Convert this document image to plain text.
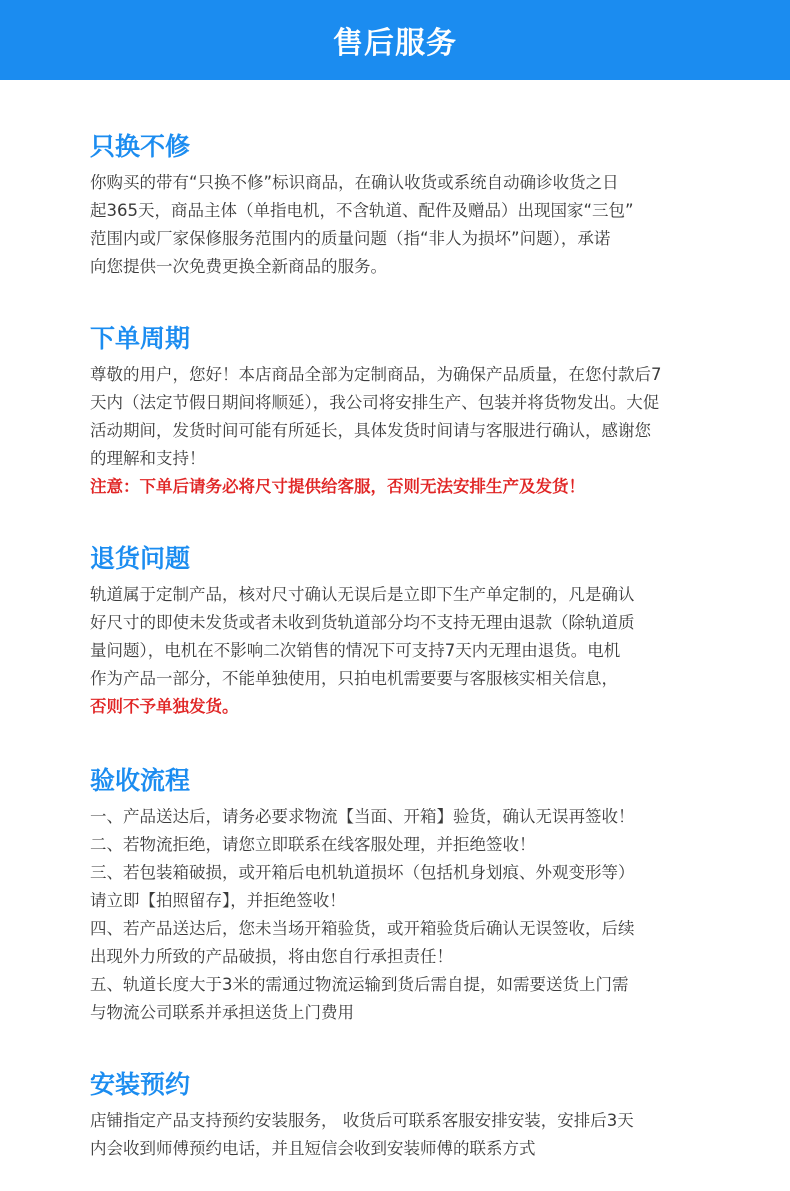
售后服务
只换不修
你购买的带有“只换不修”标识商品，在确认收货或系统自动确诊收货之日
起365天，商品主体（单指电机，不含轨道、配件及赠品）出现国家“三包”
范围内或厂家保修服务范围内的质量问题（指“非人为损坏”问题），承诺
向您提供一次免费更换全新商品的服务。
下单周期
尊敬的用户，您好！本店商品全部为定制商品，为确保产品质量，在您付款后7
天内（法定节假日期间将顺延），我公司将安排生产、包装并将货物发出。大促
活动期间，发货时间可能有所延长，具体发货时间请与客服进行确认，感谢您
的理解和支持！
注意：下单后请务必将尺寸提供给客服，否则无法安排生产及发货！
退货问题
轨道属于定制产品，核对尺寸确认无误后是立即下生产单定制的，凡是确认
好尺寸的即使未发货或者未收到货轨道部分均不支持无理由退款（除轨道质
量问题），电机在不影响二次销售的情况下可支持7天内无理由退货。电机
作为产品一部分，不能单独使用，只拍电机需要要与客服核实相关信息，
否则不予单独发货。
验收流程
一、产品送达后，请务必要求物流【当面、开箱】验货，确认无误再签收！
二、若物流拒绝，请您立即联系在线客服处理，并拒绝签收！
三、若包装箱破损，或开箱后电机轨道损坏（包括机身划痕、外观变形等）
请立即【拍照留存】，并拒绝签收！
四、若产品送达后，您未当场开箱验货，或开箱验货后确认无误签收，后续
出现外力所致的产品破损，将由您自行承担责任！
五、轨道长度大于3米的需通过物流运输到货后需自提，如需要送货上门需
与物流公司联系并承担送货上门费用
安装预约
店铺指定产品支持预约安装服务， 收货后可联系客服安排安装，安排后3天
内会收到师傅预约电话，并且短信会收到安装师傅的联系方式
